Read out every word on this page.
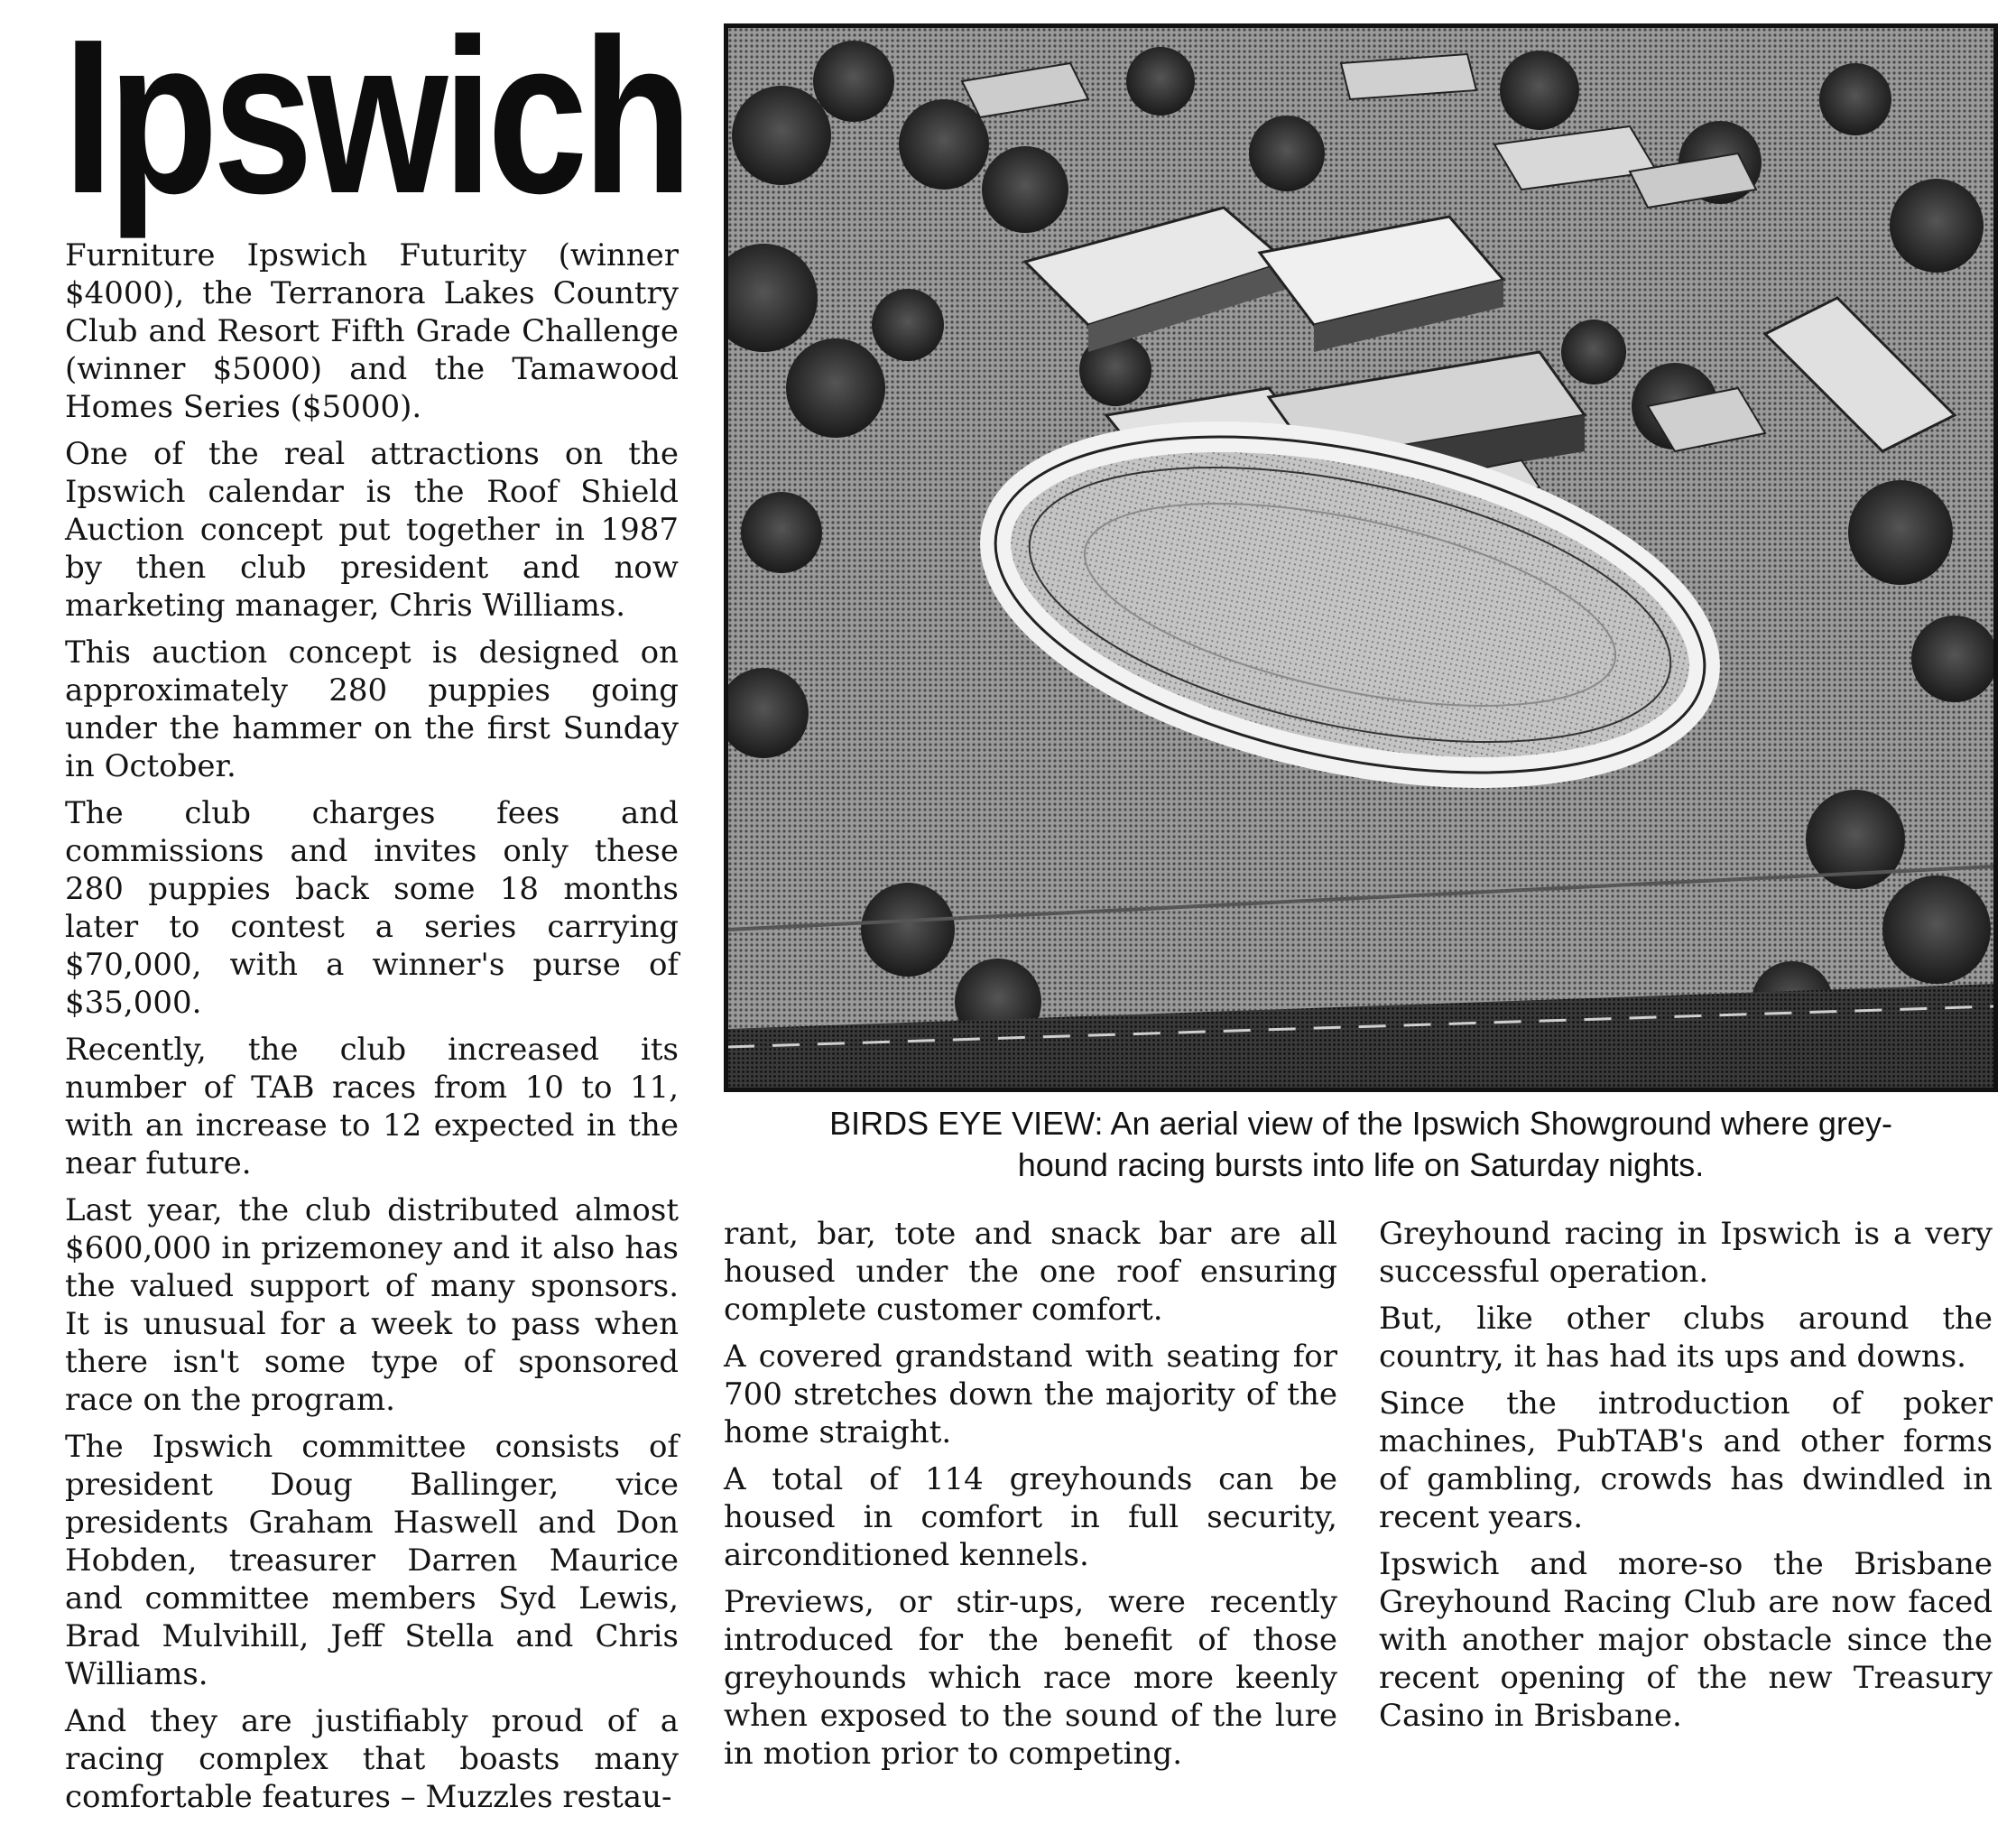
Ipswich

Furniture Ipswich Futurity (winner $4000), the Terranora Lakes Country Club and Resort Fifth Grade Challenge (winner $5000) and the Tamawood Homes Series ($5000).

One of the real attractions on the Ipswich calendar is the Roof Shield Auction concept put together in 1987 by then club president and now marketing manager, Chris Williams.

This auction concept is designed on approximately 280 puppies going under the hammer on the first Sunday in October.

The club charges fees and commissions and invites only these 280 puppies back some 18 months later to contest a series carrying $70,000, with a winner's purse of $35,000.

Recently, the club increased its number of TAB races from 10 to 11, with an increase to 12 expected in the near future.

Last year, the club distributed almost $600,000 in prizemoney and it also has the valued support of many sponsors. It is unusual for a week to pass when there isn't some type of sponsored race on the program.

The Ipswich committee consists of president Doug Ballinger, vice presidents Graham Haswell and Don Hobden, treasurer Darren Maurice and committee members Syd Lewis, Brad Mulvihill, Jeff Stella and Chris Williams.

And they are justifiably proud of a racing complex that boasts many comfortable features – Muzzles restau-

BIRDS EYE VIEW: An aerial view of the Ipswich Showground where grey-
hound racing bursts into life on Saturday nights.

rant, bar, tote and snack bar are all housed under the one roof ensuring complete customer comfort.

A covered grandstand with seating for 700 stretches down the majority of the home straight.

A total of 114 greyhounds can be housed in comfort in full security, airconditioned kennels.

Previews, or stir-ups, were recently introduced for the benefit of those greyhounds which race more keenly when exposed to the sound of the lure in motion prior to competing.

Greyhound racing in Ipswich is a very successful operation.

But, like other clubs around the country, it has had its ups and downs.

Since the introduction of poker machines, PubTAB's and other forms of gambling, crowds has dwindled in recent years.

Ipswich and more-so the Brisbane Greyhound Racing Club are now faced with another major obstacle since the recent opening of the new Treasury Casino in Brisbane.
